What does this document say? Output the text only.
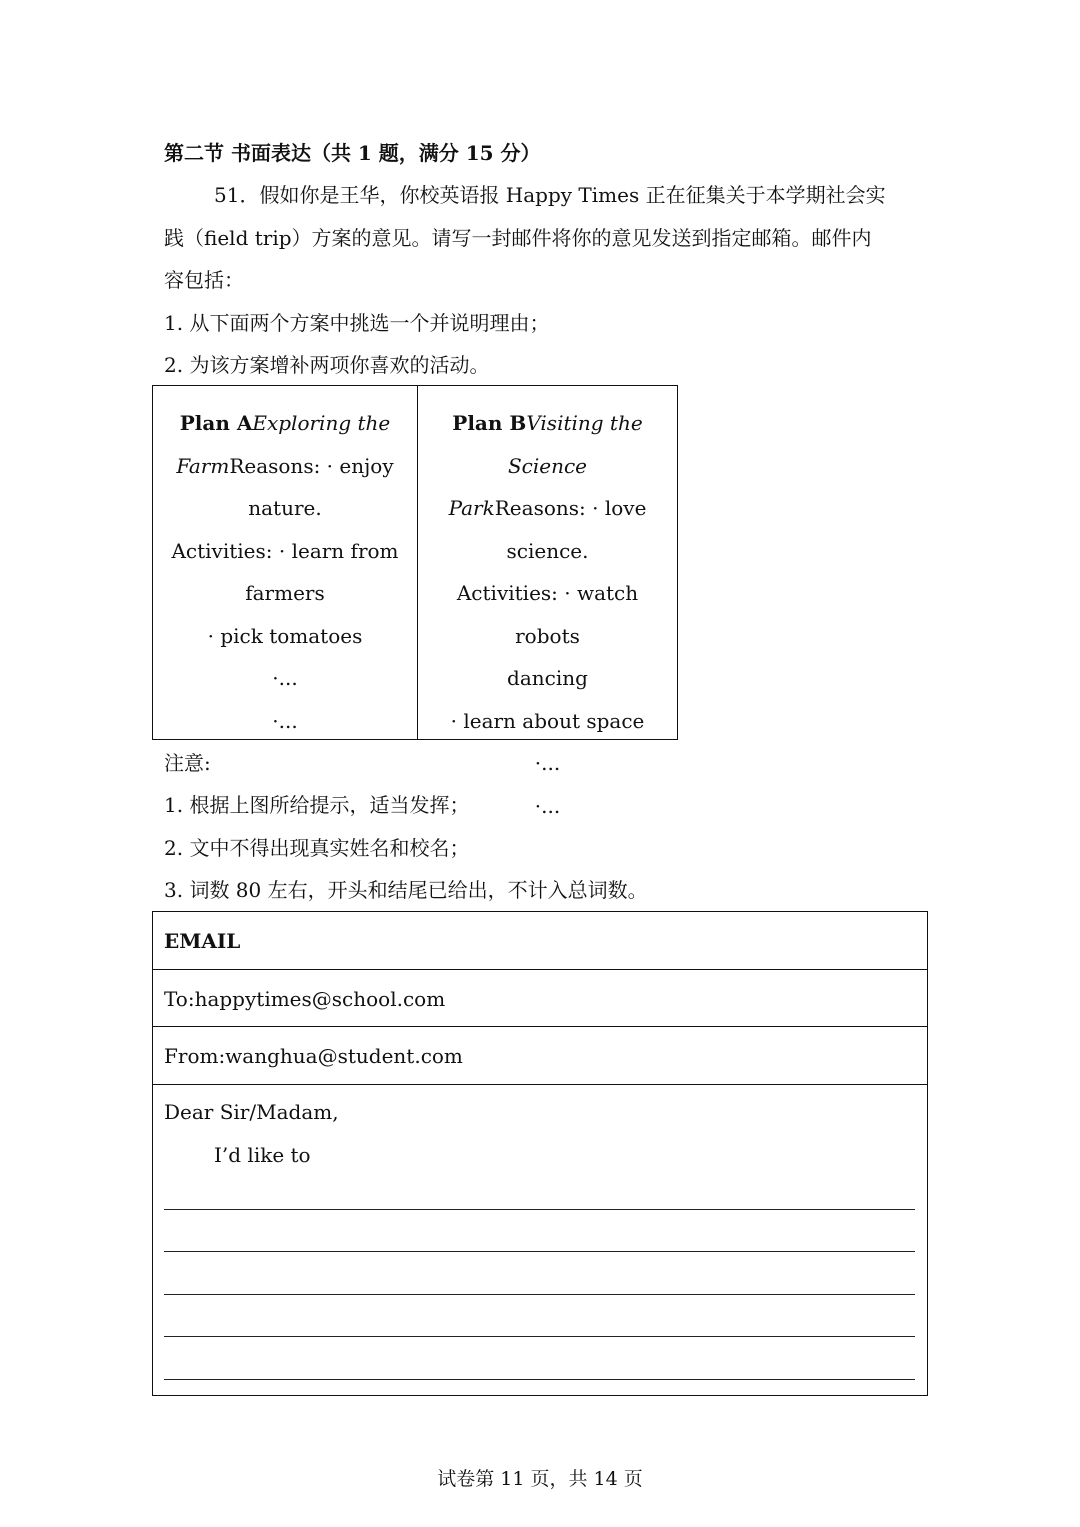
第二节 书面表达（共 1 题，满分 15 分）
51．假如你是王华，你校英语报 Happy Times 正在征集关于本学期社会实
践（field trip）方案的意见。请写一封邮件将你的意见发送到指定邮箱。邮件内
容包括：
1. 从下面两个方案中挑选一个并说明理由；
2. 为该方案增补两项你喜欢的活动。
Plan AExploring the
FarmReasons: · enjoy
nature.
Activities: · learn from
farmers
· pick tomatoes
·...
·...
Plan BVisiting the Science
ParkReasons: · love
science.
Activities: · watch robots
dancing
· learn about space
·...
·...
注意:
1. 根据上图所给提示，适当发挥；
2. 文中不得出现真实姓名和校名；
3. 词数 80 左右，开头和结尾已给出，不计入总词数。
EMAIL
To:happytimes@school.com
From:wanghua@student.com
Dear Sir/Madam,
I’d like to
试卷第 11 页，共 14 页
